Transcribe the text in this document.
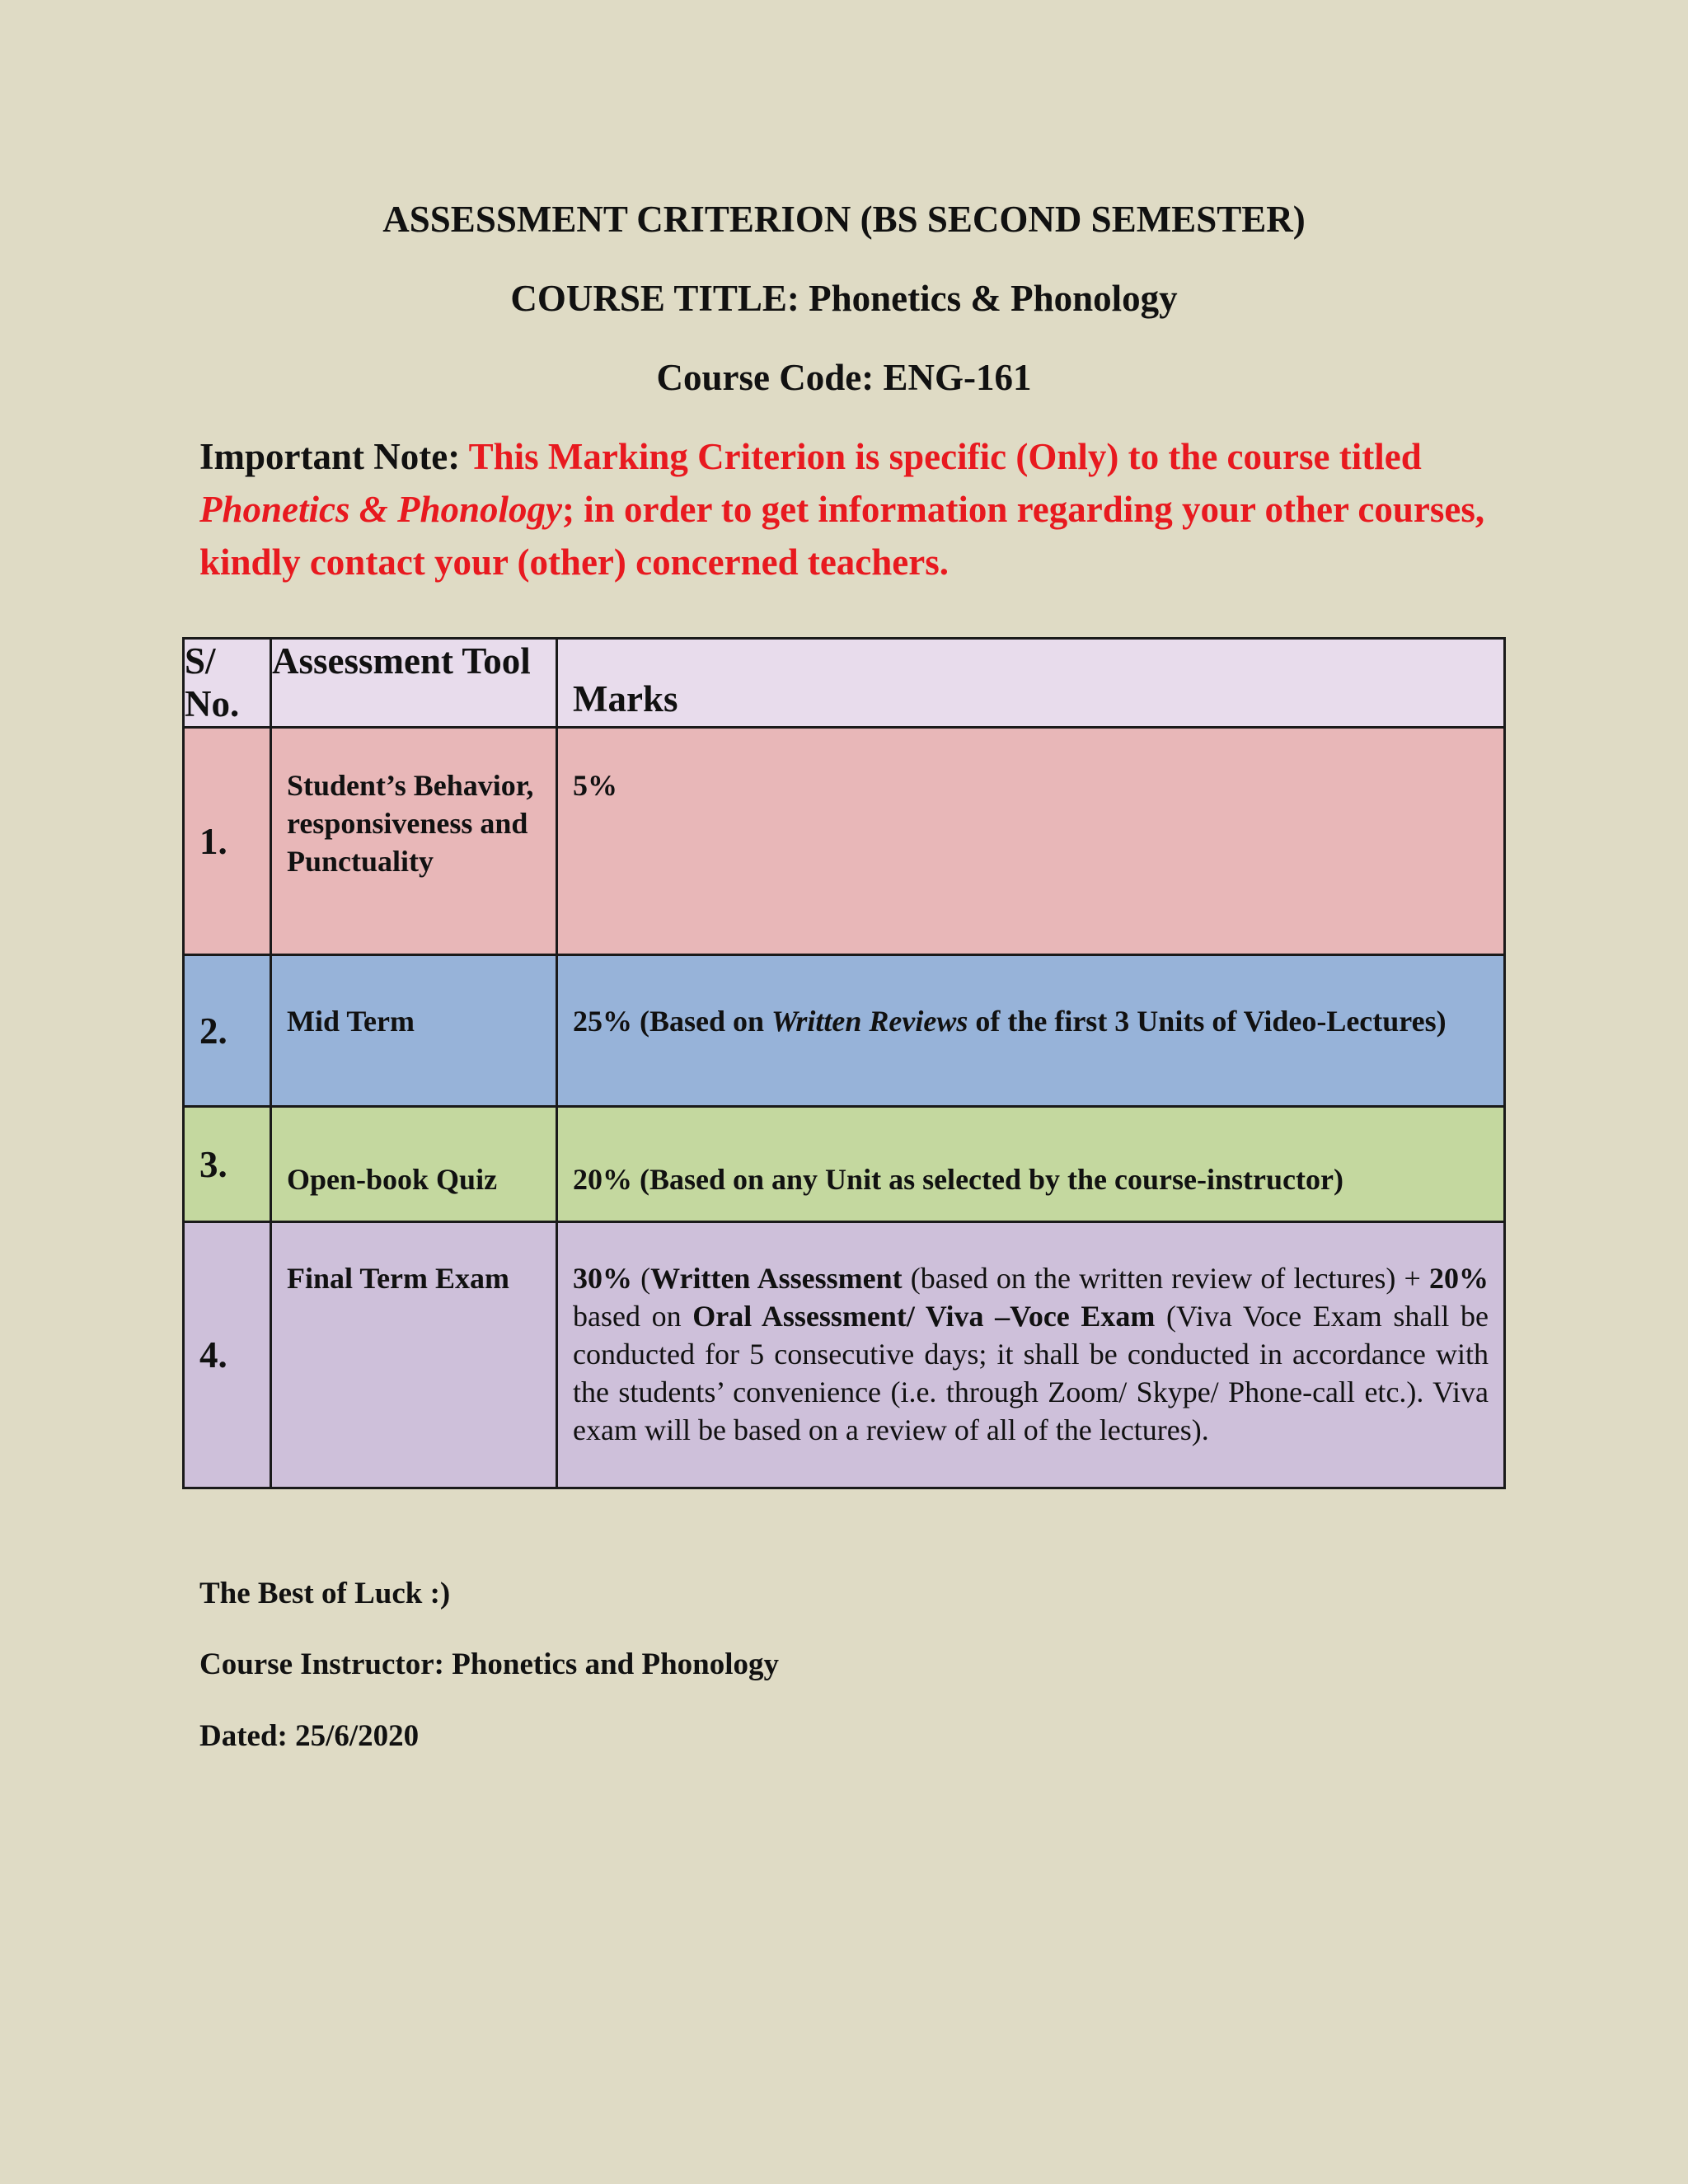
ASSESSMENT CRITERION (BS SECOND SEMESTER)

COURSE TITLE: Phonetics & Phonology

Course Code: ENG-161

Important Note: This Marking Criterion is specific (Only) to the course titled Phonetics & Phonology; in order to get information regarding your other courses, kindly contact your (other) concerned teachers.

S/ No.	Assessment Tool	Marks
1.	Student’s Behavior, responsiveness and Punctuality	5%
2.	Mid Term	25% (Based on Written Reviews of the first 3 Units of Video-Lectures)
3.	Open-book Quiz	20% (Based on any Unit as selected by the course-instructor)
4.	Final Term Exam	30% (Written Assessment (based on the written review of lectures) + 20% based on Oral Assessment/ Viva –Voce Exam (Viva Voce Exam shall be conducted for 5 consecutive days; it shall be conducted in accordance with the students’ convenience (i.e. through Zoom/ Skype/ Phone-call etc.). Viva exam will be based on a review of all of the lectures).

The Best of Luck :)

Course Instructor: Phonetics and Phonology

Dated: 25/6/2020
